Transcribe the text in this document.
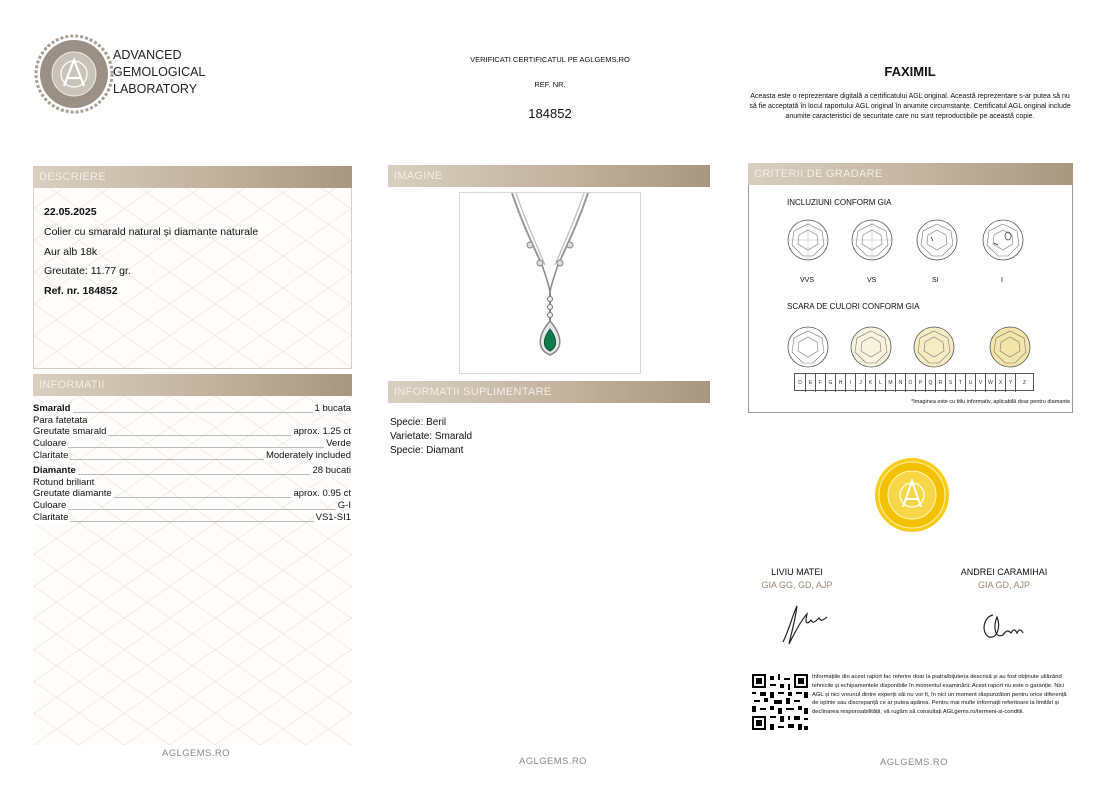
ADVANCED
GEMOLOGICAL
LABORATORY
VERIFICATI CERTIFICATUL PE AGLGEMS.RO
REF. NR.
184852
FAXIMIL
Aceasta este o reprezentare digitală a certificatului AGL original. Această reprezentare s-ar putea să nu să fie acceptată în locul raportului AGL original în anumite circumstanțe. Certificatul AGL original include anumite caracteristici de securitate care nu sunt reproductibile pe această copie.
DESCRIERE
22.05.2025
Colier cu smarald natural și diamante naturale
Aur alb 18k
Greutate: 11.77 gr.
Ref. nr. 184852
INFORMATII
Smarald	1 bucata
Para fatetata
Greutate smarald	aprox. 1.25 ct
Culoare	Verde
Claritate	Moderately included
Diamante	28 bucati
Rotund briliant
Greutate diamante	aprox. 0.95 ct
Culoare	G-I
Claritate	VS1-SI1
AGLGEMS.RO
IMAGINE
INFORMATII SUPLIMENTARE
Specie: Beril
Varietate: Smarald
Specie: Diamant
AGLGEMS.RO
CRITERII DE GRADARE
INCLUZIUNI CONFORM GIA
VVS	VS	SI	I
SCARA DE CULORI CONFORM GIA
D	E	F	G	H	I	J	K	L	M	N	O	P	Q	R	S	T	U	V	W	X	Y	Z
*Imaginea este cu titlu informativ, aplicabilă doar pentru diamante
LIVIU MATEI
GIA GG, GD, AJP
ANDREI CARAMIHAI
GIA GD, AJP
Informațiile din acest raport fac referire doar la piatra/bijuteria descrisă și au fost obținute utilizând tehnicile și echipamentele disponibile în momentul examinării. Acest raport nu este o garanție. Nici AGL și nici vreunul dintre experții săi nu vor fi, în nici un moment răspunzători pentru orice diferență de opinie sau discrepanță ce ar putea apărea. Pentru mai multe informații referitoare la limitări și declinarea responsabilității, vă rugăm să consultați AGLgems.ro/termeni-si-conditii.
AGLGEMS.RO
